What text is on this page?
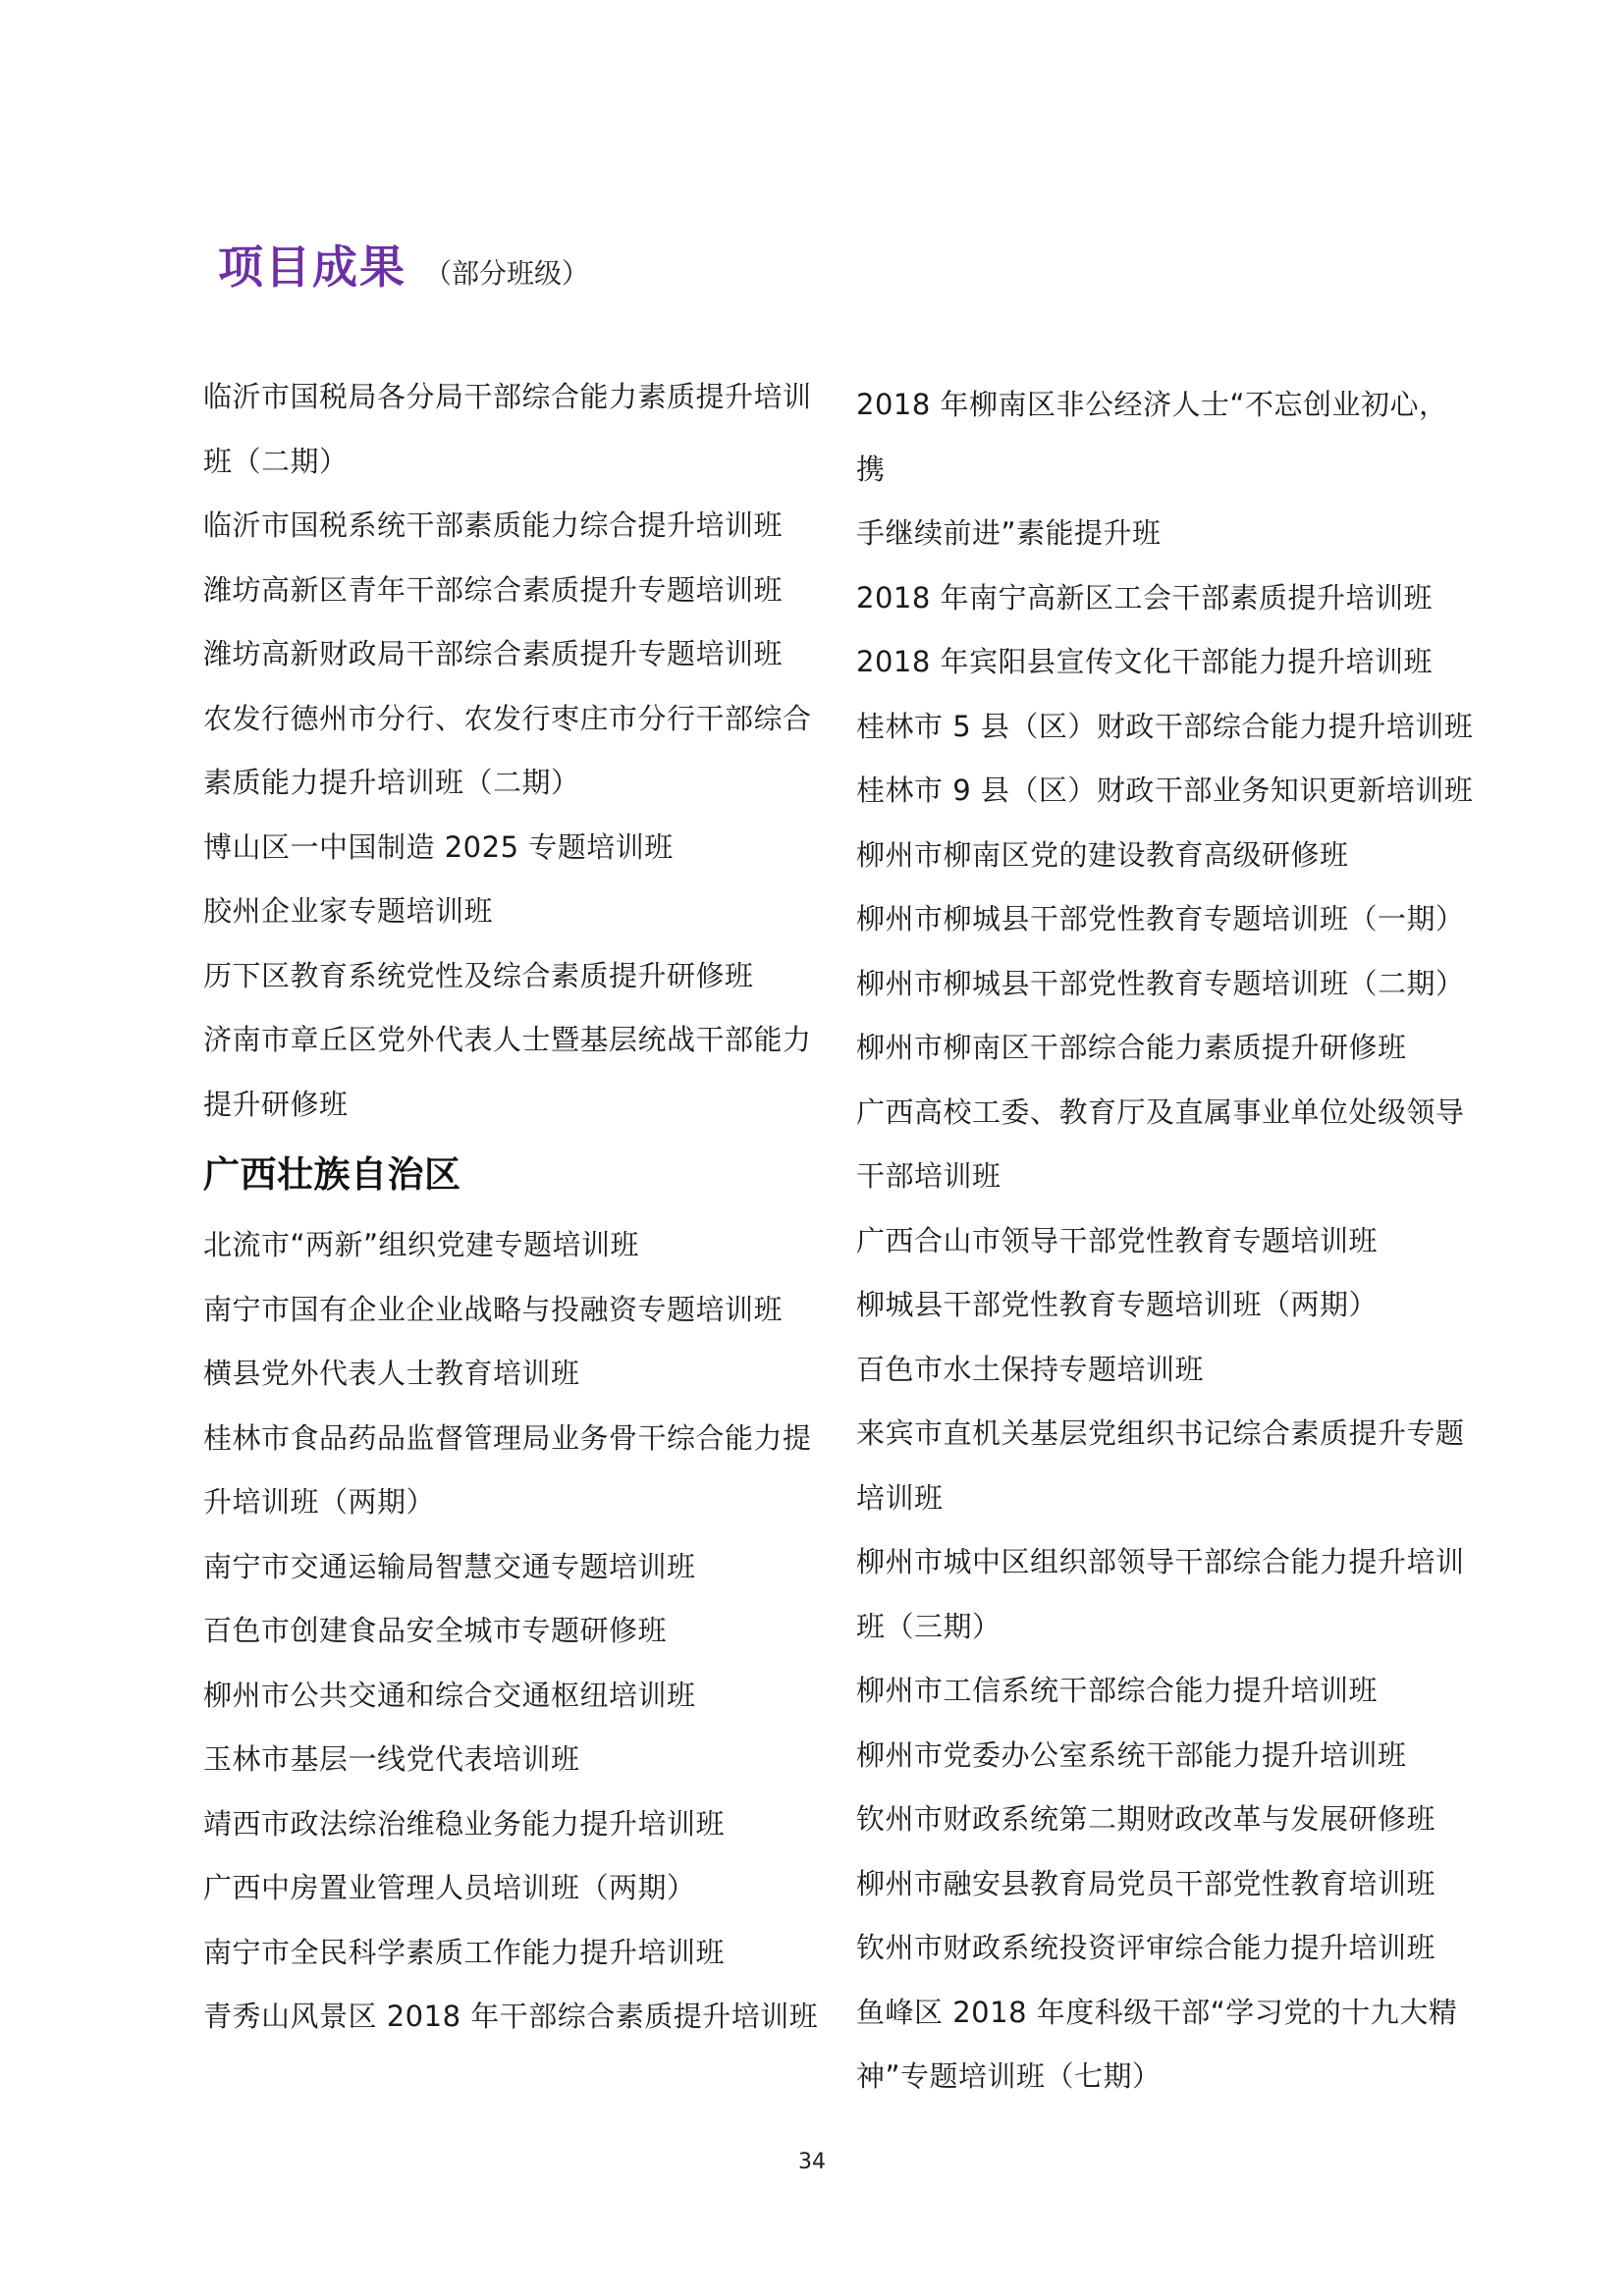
项目成果 （部分班级）

临沂市国税局各分局干部综合能力素质提升培训

班（二期）

临沂市国税系统干部素质能力综合提升培训班

潍坊高新区青年干部综合素质提升专题培训班

潍坊高新财政局干部综合素质提升专题培训班

农发行德州市分行、农发行枣庄市分行干部综合

素质能力提升培训班（二期）

博山区一中国制造 2025 专题培训班

胶州企业家专题培训班

历下区教育系统党性及综合素质提升研修班

济南市章丘区党外代表人士暨基层统战干部能力

提升研修班

广西壮族自治区

北流市“两新”组织党建专题培训班

南宁市国有企业企业战略与投融资专题培训班

横县党外代表人士教育培训班

桂林市食品药品监督管理局业务骨干综合能力提

升培训班（两期）

南宁市交通运输局智慧交通专题培训班

百色市创建食品安全城市专题研修班

柳州市公共交通和综合交通枢纽培训班

玉林市基层一线党代表培训班

靖西市政法综治维稳业务能力提升培训班

广西中房置业管理人员培训班（两期）

南宁市全民科学素质工作能力提升培训班

青秀山风景区 2018 年干部综合素质提升培训班

2018 年柳南区非公经济人士“不忘创业初心，携

手继续前进”素能提升班

2018 年南宁高新区工会干部素质提升培训班

2018 年宾阳县宣传文化干部能力提升培训班

桂林市 5 县（区）财政干部综合能力提升培训班

桂林市 9 县（区）财政干部业务知识更新培训班

柳州市柳南区党的建设教育高级研修班

柳州市柳城县干部党性教育专题培训班（一期）

柳州市柳城县干部党性教育专题培训班（二期）

柳州市柳南区干部综合能力素质提升研修班

广西高校工委、教育厅及直属事业单位处级领导

干部培训班

广西合山市领导干部党性教育专题培训班

柳城县干部党性教育专题培训班（两期）

百色市水土保持专题培训班

来宾市直机关基层党组织书记综合素质提升专题

培训班

柳州市城中区组织部领导干部综合能力提升培训

班（三期）

柳州市工信系统干部综合能力提升培训班

柳州市党委办公室系统干部能力提升培训班

钦州市财政系统第二期财政改革与发展研修班

柳州市融安县教育局党员干部党性教育培训班

钦州市财政系统投资评审综合能力提升培训班

鱼峰区 2018 年度科级干部“学习党的十九大精

神”专题培训班（七期）

34
